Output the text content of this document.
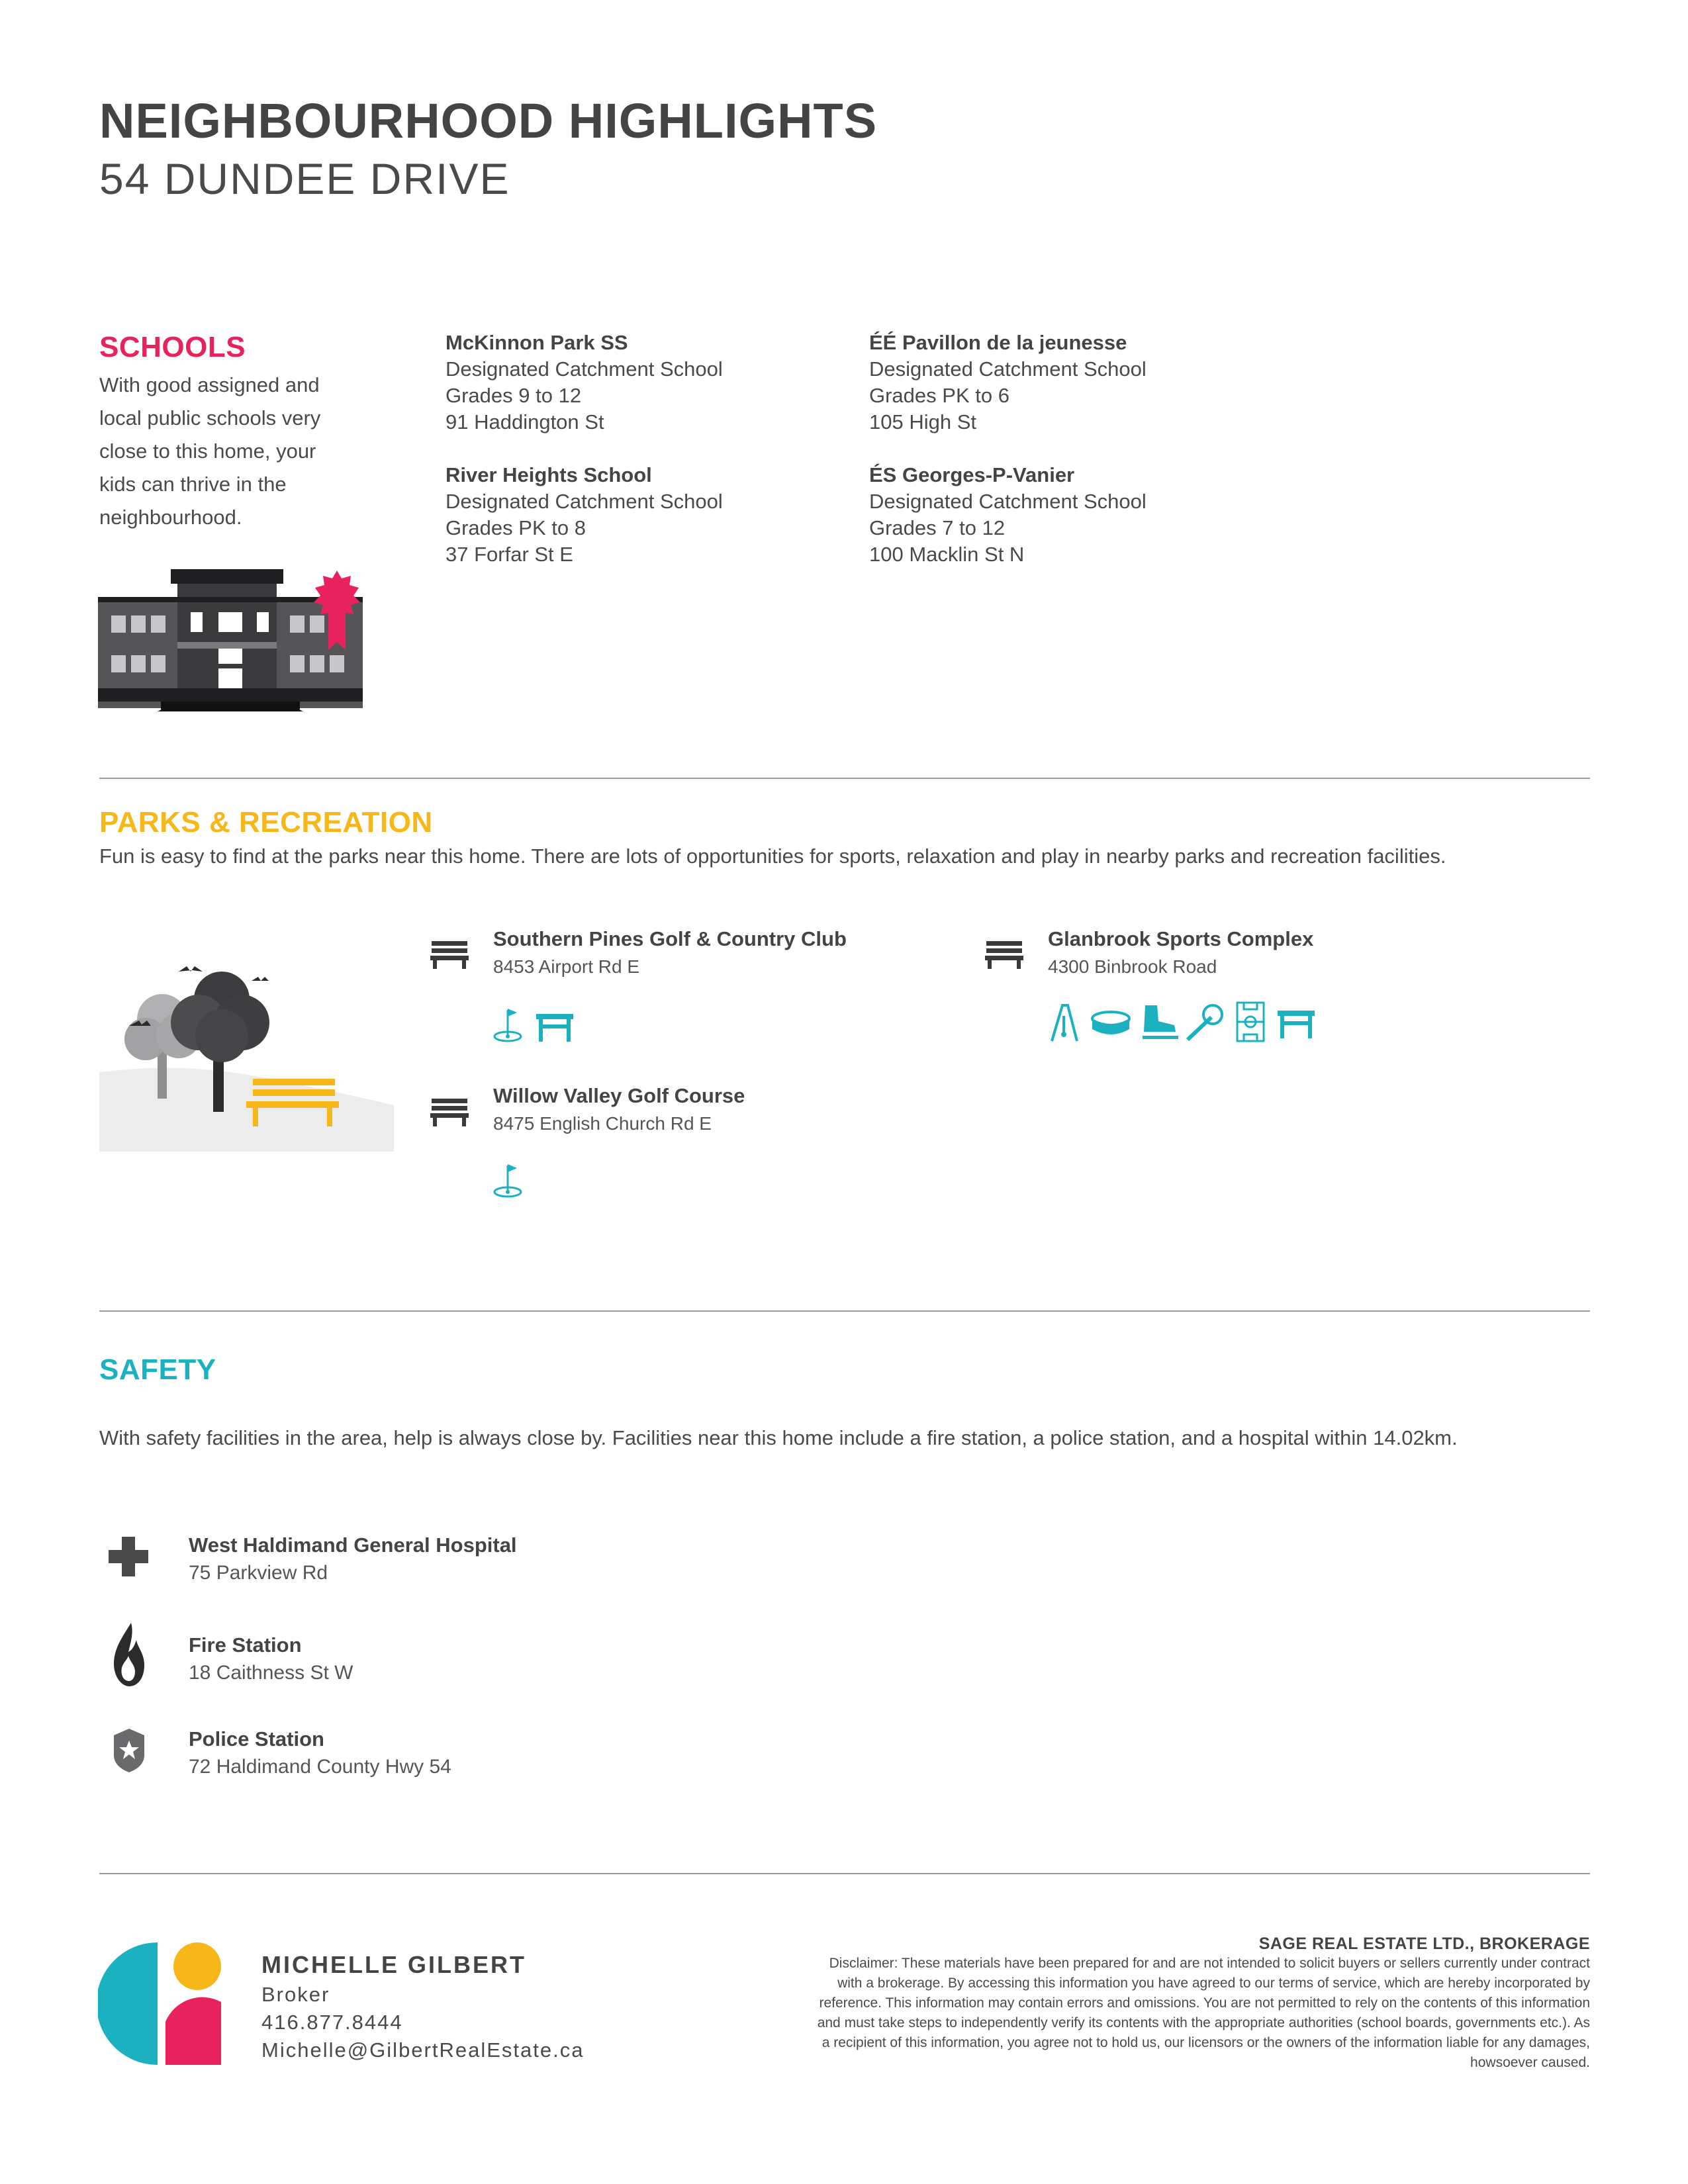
NEIGHBOURHOOD HIGHLIGHTS
54 DUNDEE DRIVE
SCHOOLS
With good assigned and local public schools very close to this home, your kids can thrive in the neighbourhood.
McKinnon Park SS
Designated Catchment School
Grades 9 to 12
91 Haddington St
ÉÉ Pavillon de la jeunesse
Designated Catchment School
Grades PK to 6
105 High St
River Heights School
Designated Catchment School
Grades PK to 8
37 Forfar St E
ÉS Georges-P-Vanier
Designated Catchment School
Grades 7 to 12
100 Macklin St N
PARKS & RECREATION
Fun is easy to find at the parks near this home. There are lots of opportunities for sports, relaxation and play in nearby parks and recreation facilities.
Southern Pines Golf & Country Club
8453 Airport Rd E
Glanbrook Sports Complex
4300 Binbrook Road
Willow Valley Golf Course
8475 English Church Rd E
SAFETY
With safety facilities in the area, help is always close by. Facilities near this home include a fire station, a police station, and a hospital within 14.02km.
West Haldimand General Hospital
75 Parkview Rd
Fire Station
18 Caithness St W
Police Station
72 Haldimand County Hwy 54
MICHELLE GILBERT
Broker
416.877.8444
Michelle@GilbertRealEstate.ca
SAGE REAL ESTATE LTD., BROKERAGE
Disclaimer: These materials have been prepared for and are not intended to solicit buyers or sellers currently under contract with a brokerage. By accessing this information you have agreed to our terms of service, which are hereby incorporated by reference. This information may contain errors and omissions. You are not permitted to rely on the contents of this information and must take steps to independently verify its contents with the appropriate authorities (school boards, governments etc.). As a recipient of this information, you agree not to hold us, our licensors or the owners of the information liable for any damages, howsoever caused.
